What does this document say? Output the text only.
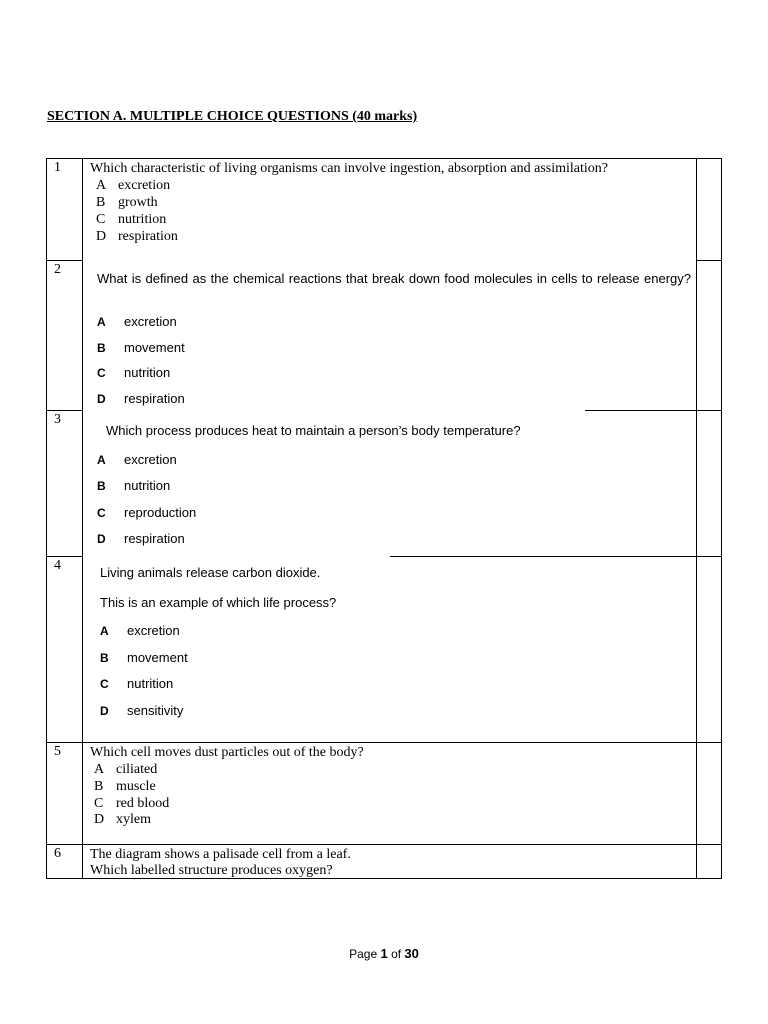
SECTION A. MULTIPLE CHOICE QUESTIONS (40 marks)
1 Which characteristic of living organisms can involve ingestion, absorption and assimilation?
A excretion
B growth
C nutrition
D respiration
2
What is defined as the chemical reactions that break down food molecules in cells to release energy?
A excretion
B movement
C nutrition
D respiration
3
Which process produces heat to maintain a person’s body temperature?
A excretion
B nutrition
C reproduction
D respiration
4	Living animals release carbon dioxide.
This is an example of which life process?
A excretion
B movement
C nutrition
D sensitivity
5 Which cell moves dust particles out of the body?
A ciliated
B muscle
C red blood
D xylem
6 The diagram shows a palisade cell from a leaf.
Which labelled structure produces oxygen?
Page 1 of 30
